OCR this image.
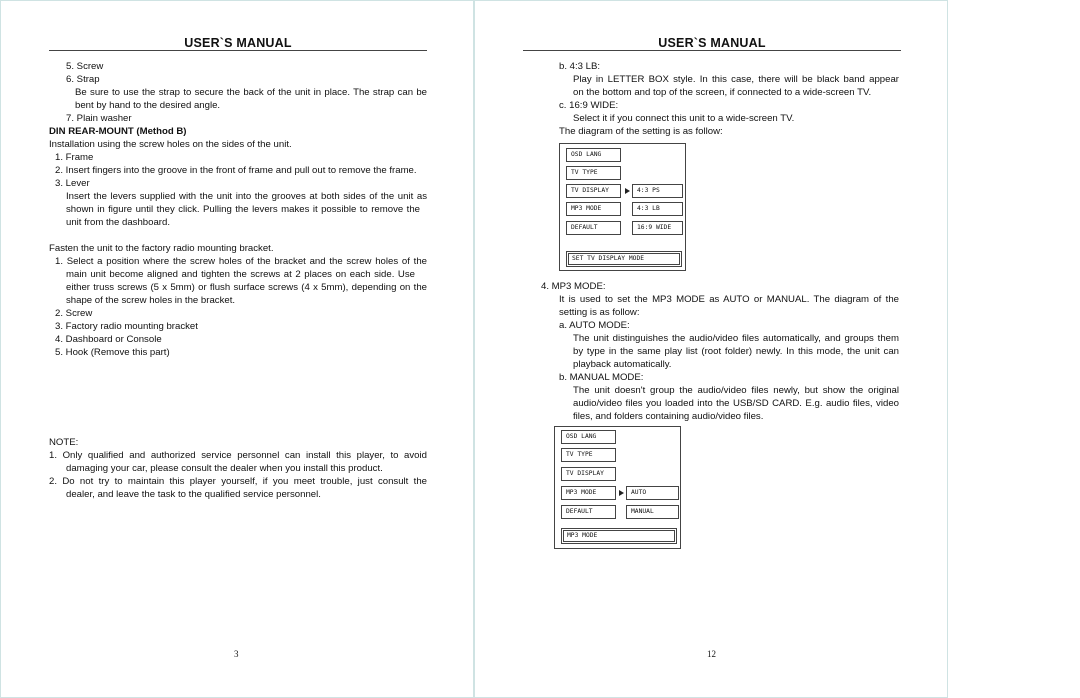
USER`S MANUAL
5. Screw
6. Strap
Be sure to use the strap to secure the back of the unit in place. The strap can be
bent by hand to the desired angle.
7. Plain washer
DIN REAR-MOUNT (Method B)
Installation using the screw holes on the sides of the unit.
1. Frame
2. Insert fingers into the groove in the front of frame and pull out to remove the frame.
3. Lever
Insert the levers supplied with the unit into the grooves at both sides of the unit as
shown in figure until they click. Pulling the levers makes it possible to remove the
unit from the dashboard.
Fasten the unit to the factory radio mounting bracket.
1. Select a position where the screw holes of the bracket and the screw holes of the
main unit become aligned and tighten the screws at 2 places on each side. Use
either truss screws (5 x 5mm) or flush surface screws (4 x 5mm), depending on the
shape of the screw holes in the bracket.
2. Screw
3. Factory radio mounting bracket
4. Dashboard or Console
5. Hook (Remove this part)
NOTE:
1. Only qualified and authorized service personnel can install this player, to avoid
damaging your car, please consult the dealer when you install this product.
2. Do not try to maintain this player yourself, if you meet trouble, just consult the
dealer, and leave the task to the qualified service personnel.
3
USER`S MANUAL
b. 4:3 LB:
Play in LETTER BOX style. In this case, there will be black band appear
on the bottom and top of the screen, if connected to a wide-screen TV.
c. 16:9 WIDE:
Select it if you connect this unit to a wide-screen TV.
The diagram of the setting is as follow:
OSD LANG
TV TYPE
TV DISPLAY	4:3 PS
MP3 MODE	4:3 LB
DEFAULT	16:9 WIDE
SET TV DISPLAY MODE
4. MP3 MODE:
It is used to set the MP3 MODE as AUTO or MANUAL. The diagram of the
setting is as follow:
a. AUTO MODE:
The unit distinguishes the audio/video files automatically, and groups them
by type in the same play list (root folder) newly. In this mode, the unit can
playback automatically.
b. MANUAL MODE:
The unit doesn't group the audio/video files newly, but show the original
audio/video files you loaded into the USB/SD CARD. E.g. audio files, video
files, and folders containing audio/video files.
OSD LANG
TV TYPE
TV DISPLAY
MP3 MODE	AUTO
DEFAULT	MANUAL
MP3 MODE
12
